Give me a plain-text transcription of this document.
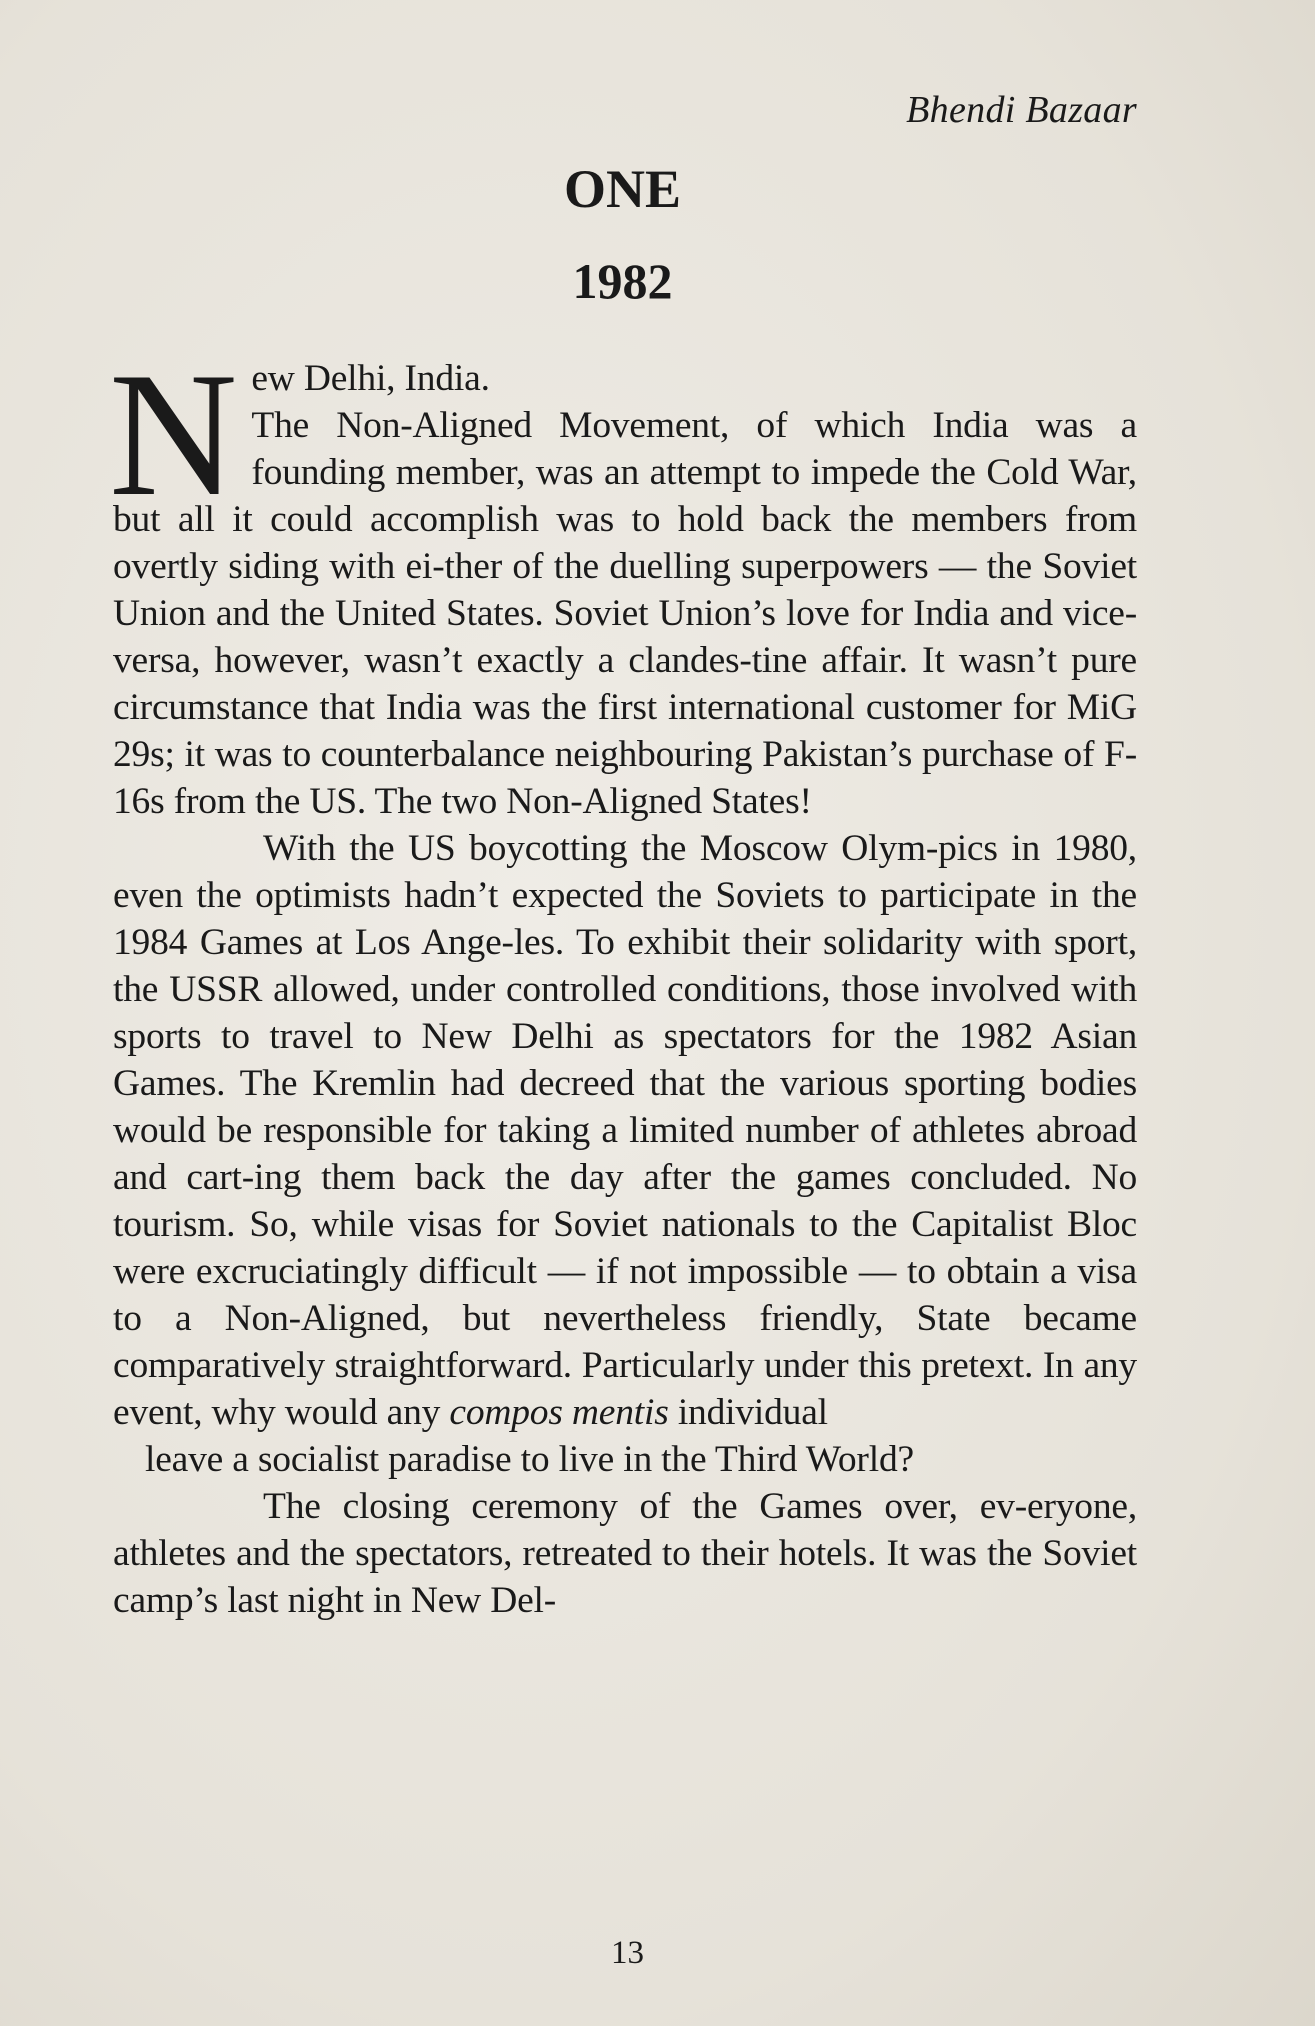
Bhendi Bazaar
ONE
1982

New Delhi, India.
The Non-Aligned Movement, of which India was a founding member, was an attempt to impede the Cold War, but all it could accomplish was to hold back the members from overtly siding with ei-ther of the duelling superpowers — the Soviet Union and the United States. Soviet Union’s love for India and vice-versa, however, wasn’t exactly a clandes-tine affair. It wasn’t pure circumstance that India was the first international customer for MiG 29s; it was to counterbalance neighbouring Pakistan’s purchase of F-16s from the US. The two Non-Aligned States!

With the US boycotting the Moscow Olym-pics in 1980, even the optimists hadn’t expected the Soviets to participate in the 1984 Games at Los Ange-les. To exhibit their solidarity with sport, the USSR allowed, under controlled conditions, those involved with sports to travel to New Delhi as spectators for the 1982 Asian Games. The Kremlin had decreed that the various sporting bodies would be responsible for taking a limited number of athletes abroad and cart-ing them back the day after the games concluded. No tourism. So, while visas for Soviet nationals to the Capitalist Bloc were excruciatingly difficult — if not impossible — to obtain a visa to a Non-Aligned, but nevertheless friendly, State became comparatively straightforward. Particularly under this pretext. In any event, why would any compos mentis individual

leave a socialist paradise to live in the Third World?

The closing ceremony of the Games over, ev-eryone, athletes and the spectators, retreated to their hotels. It was the Soviet camp’s last night in New Del-

13
